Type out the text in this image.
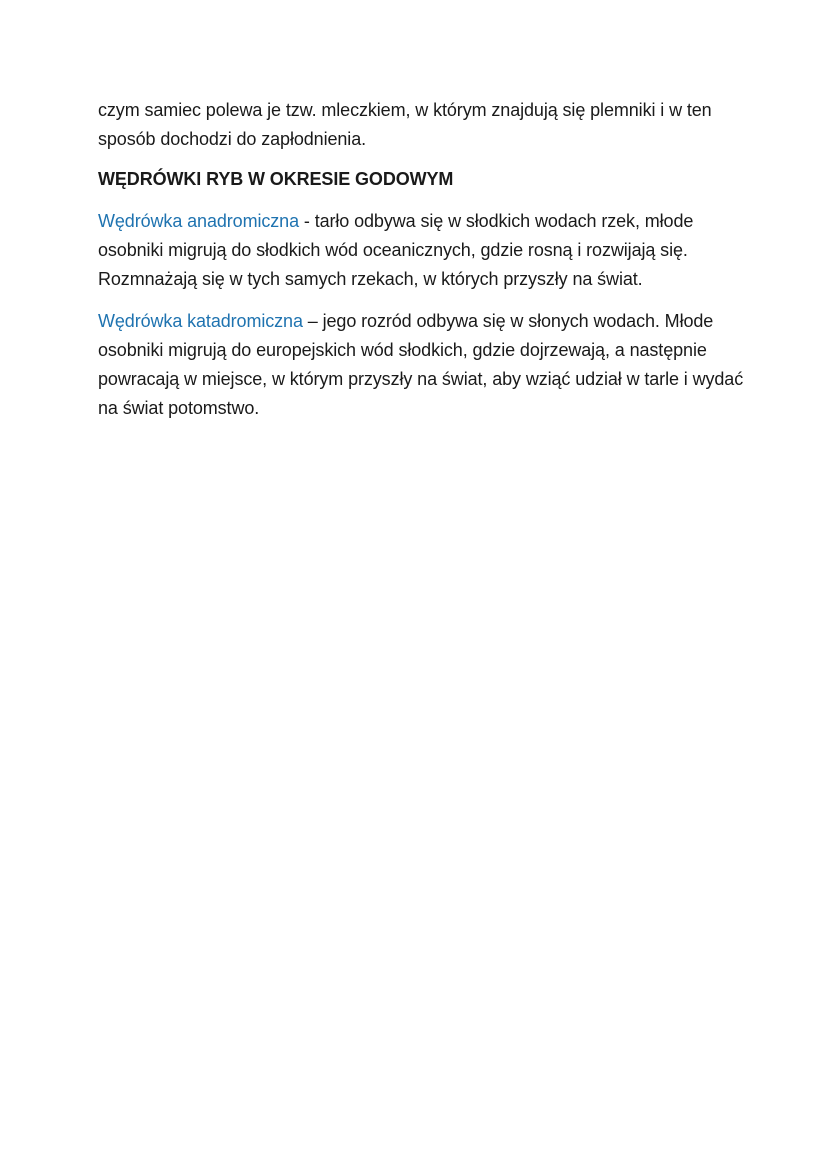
czym samiec polewa je tzw. mleczkiem, w którym znajdują się plemniki i w ten sposób dochodzi do zapłodnienia.

WĘDRÓWKI RYB W OKRESIE GODOWYM

Wędrówka anadromiczna - tarło odbywa się w słodkich wodach rzek, młode osobniki migrują do słodkich wód oceanicznych, gdzie rosną i rozwijają się. Rozmnażają się w tych samych rzekach, w których przyszły na świat.

Wędrówka katadromiczna – jego rozród odbywa się w słonych wodach. Młode osobniki migrują do europejskich wód słodkich, gdzie dojrzewają, a następnie powracają w miejsce, w którym przyszły na świat, aby wziąć udział w tarle i wydać na świat potomstwo.
